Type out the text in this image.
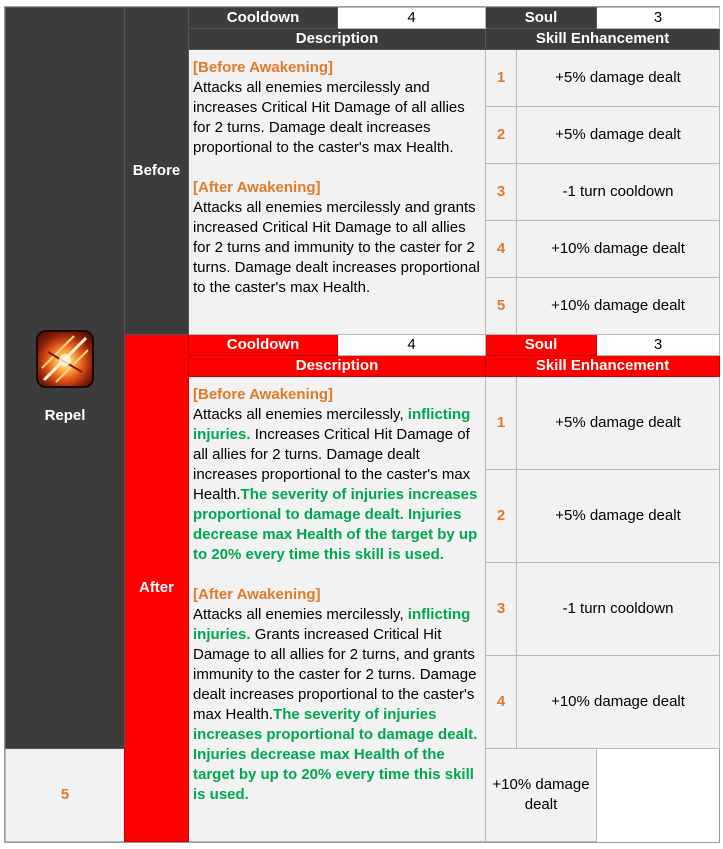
Repel	Before	Cooldown	4	Soul		3
		Description		Skill Enhancement		

		[Before Awakening]
Attacks all enemies mercilessly and increases Critical Hit Damage of all allies for 2 turns. Damage dealt increases proportional to the caster's max Health.
[After Awakening]
Attacks all enemies mercilessly and grants increased Critical Hit Damage to all allies for 2 turns and immunity to the caster for 2 turns. Damage dealt increases proportional to the caster's max Health.		1	+5% damage dealt	
				2	+5% damage dealt	
				3	-1 turn cooldown	
				4	+10% damage dealt	
				5	+10% damage dealt	
	After	Cooldown	4	Soul		3
		Description		Skill Enhancement		

		[Before Awakening]
Attacks all enemies mercilessly, inflicting injuries. Increases Critical Hit Damage of all allies for 2 turns. Damage dealt increases proportional to the caster's max Health.The severity of injuries increases proportional to damage dealt. Injuries decrease max Health of the target by up to 20% every time this skill is used.
[After Awakening]
Attacks all enemies mercilessly, inflicting injuries. Grants increased Critical Hit Damage to all allies for 2 turns, and grants immunity to the caster for 2 turns. Damage dealt increases proportional to the caster's max Health.The severity of injuries increases proportional to damage dealt. Injuries decrease max Health of the target by up to 20% every time this skill is used.		1	+5% damage dealt	
				2	+5% damage dealt	
				3	-1 turn cooldown	
				4	+10% damage dealt	
5				+10% damage dealt		
